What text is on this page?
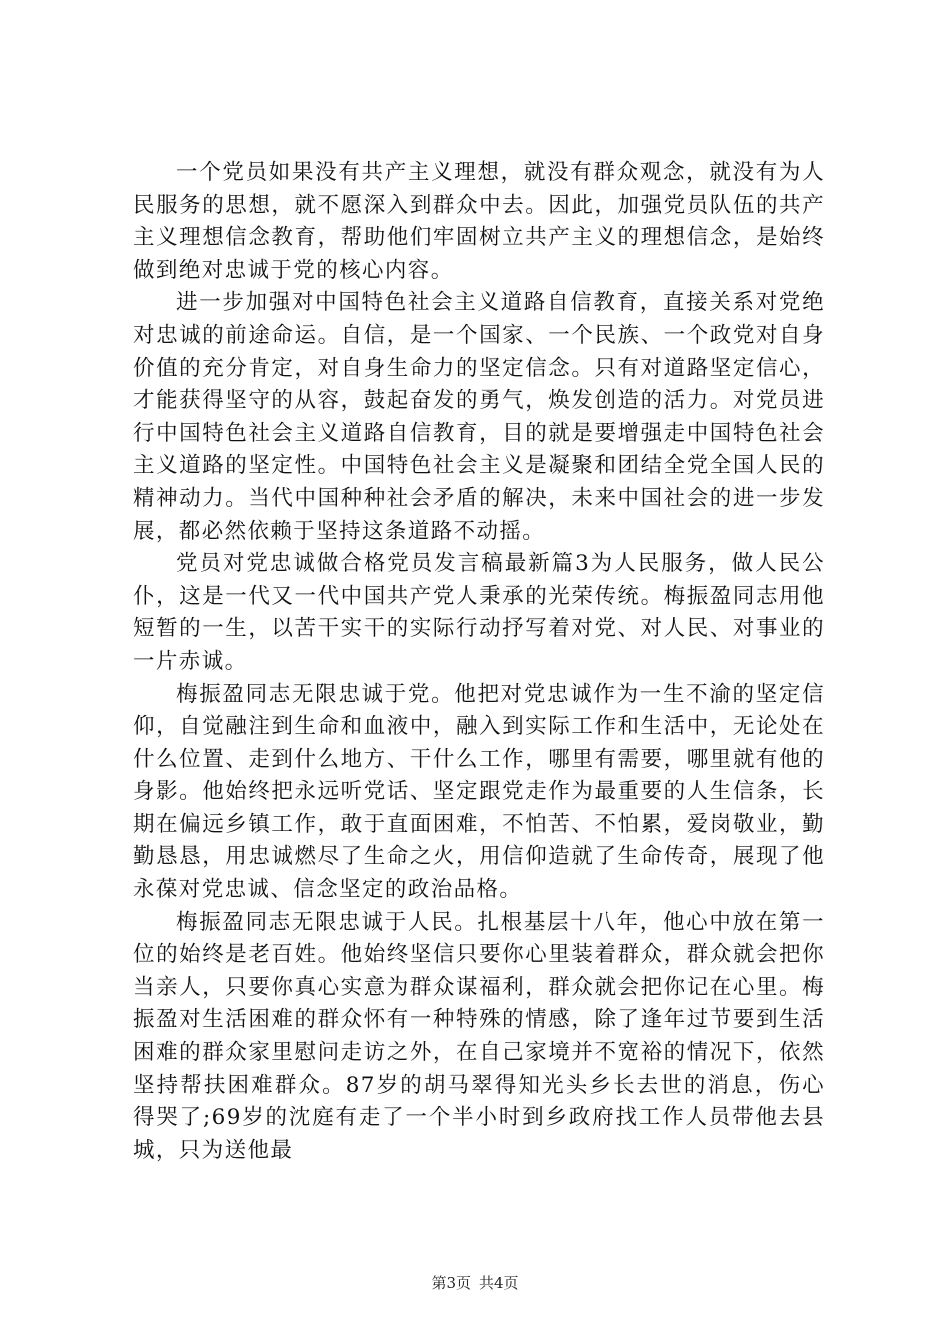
一个党员如果没有共产主义理想，就没有群众观念，就没有为人民服务的思想，就不愿深入到群众中去。因此，加强党员队伍的共产主义理想信念教育，帮助他们牢固树立共产主义的理想信念，是始终做到绝对忠诚于党的核心内容。

进一步加强对中国特色社会主义道路自信教育，直接关系对党绝对忠诚的前途命运。自信，是一个国家、一个民族、一个政党对自身价值的充分肯定，对自身生命力的坚定信念。只有对道路坚定信心，才能获得坚守的从容，鼓起奋发的勇气，焕发创造的活力。对党员进行中国特色社会主义道路自信教育，目的就是要增强走中国特色社会主义道路的坚定性。中国特色社会主义是凝聚和团结全党全国人民的精神动力。当代中国种种社会矛盾的解决，未来中国社会的进一步发展，都必然依赖于坚持这条道路不动摇。

党员对党忠诚做合格党员发言稿最新篇3为人民服务，做人民公仆，这是一代又一代中国共产党人秉承的光荣传统。梅振盈同志用他短暂的一生，以苦干实干的实际行动抒写着对党、对人民、对事业的一片赤诚。

梅振盈同志无限忠诚于党。他把对党忠诚作为一生不渝的坚定信仰，自觉融注到生命和血液中，融入到实际工作和生活中，无论处在什么位置、走到什么地方、干什么工作，哪里有需要，哪里就有他的身影。他始终把永远听党话、坚定跟党走作为最重要的人生信条，长期在偏远乡镇工作，敢于直面困难，不怕苦、不怕累，爱岗敬业，勤勤恳恳，用忠诚燃尽了生命之火，用信仰造就了生命传奇，展现了他永葆对党忠诚、信念坚定的政治品格。

梅振盈同志无限忠诚于人民。扎根基层十八年，他心中放在第一位的始终是老百姓。他始终坚信只要你心里装着群众，群众就会把你当亲人，只要你真心实意为群众谋福利，群众就会把你记在心里。梅振盈对生活困难的群众怀有一种特殊的情感，除了逢年过节要到生活困难的群众家里慰问走访之外，在自己家境并不宽裕的情况下，依然坚持帮扶困难群众。87岁的胡马翠得知光头乡长去世的消息，伤心得哭了;69岁的沈庭有走了一个半小时到乡政府找工作人员带他去县城，只为送他最

第3页 共4页
